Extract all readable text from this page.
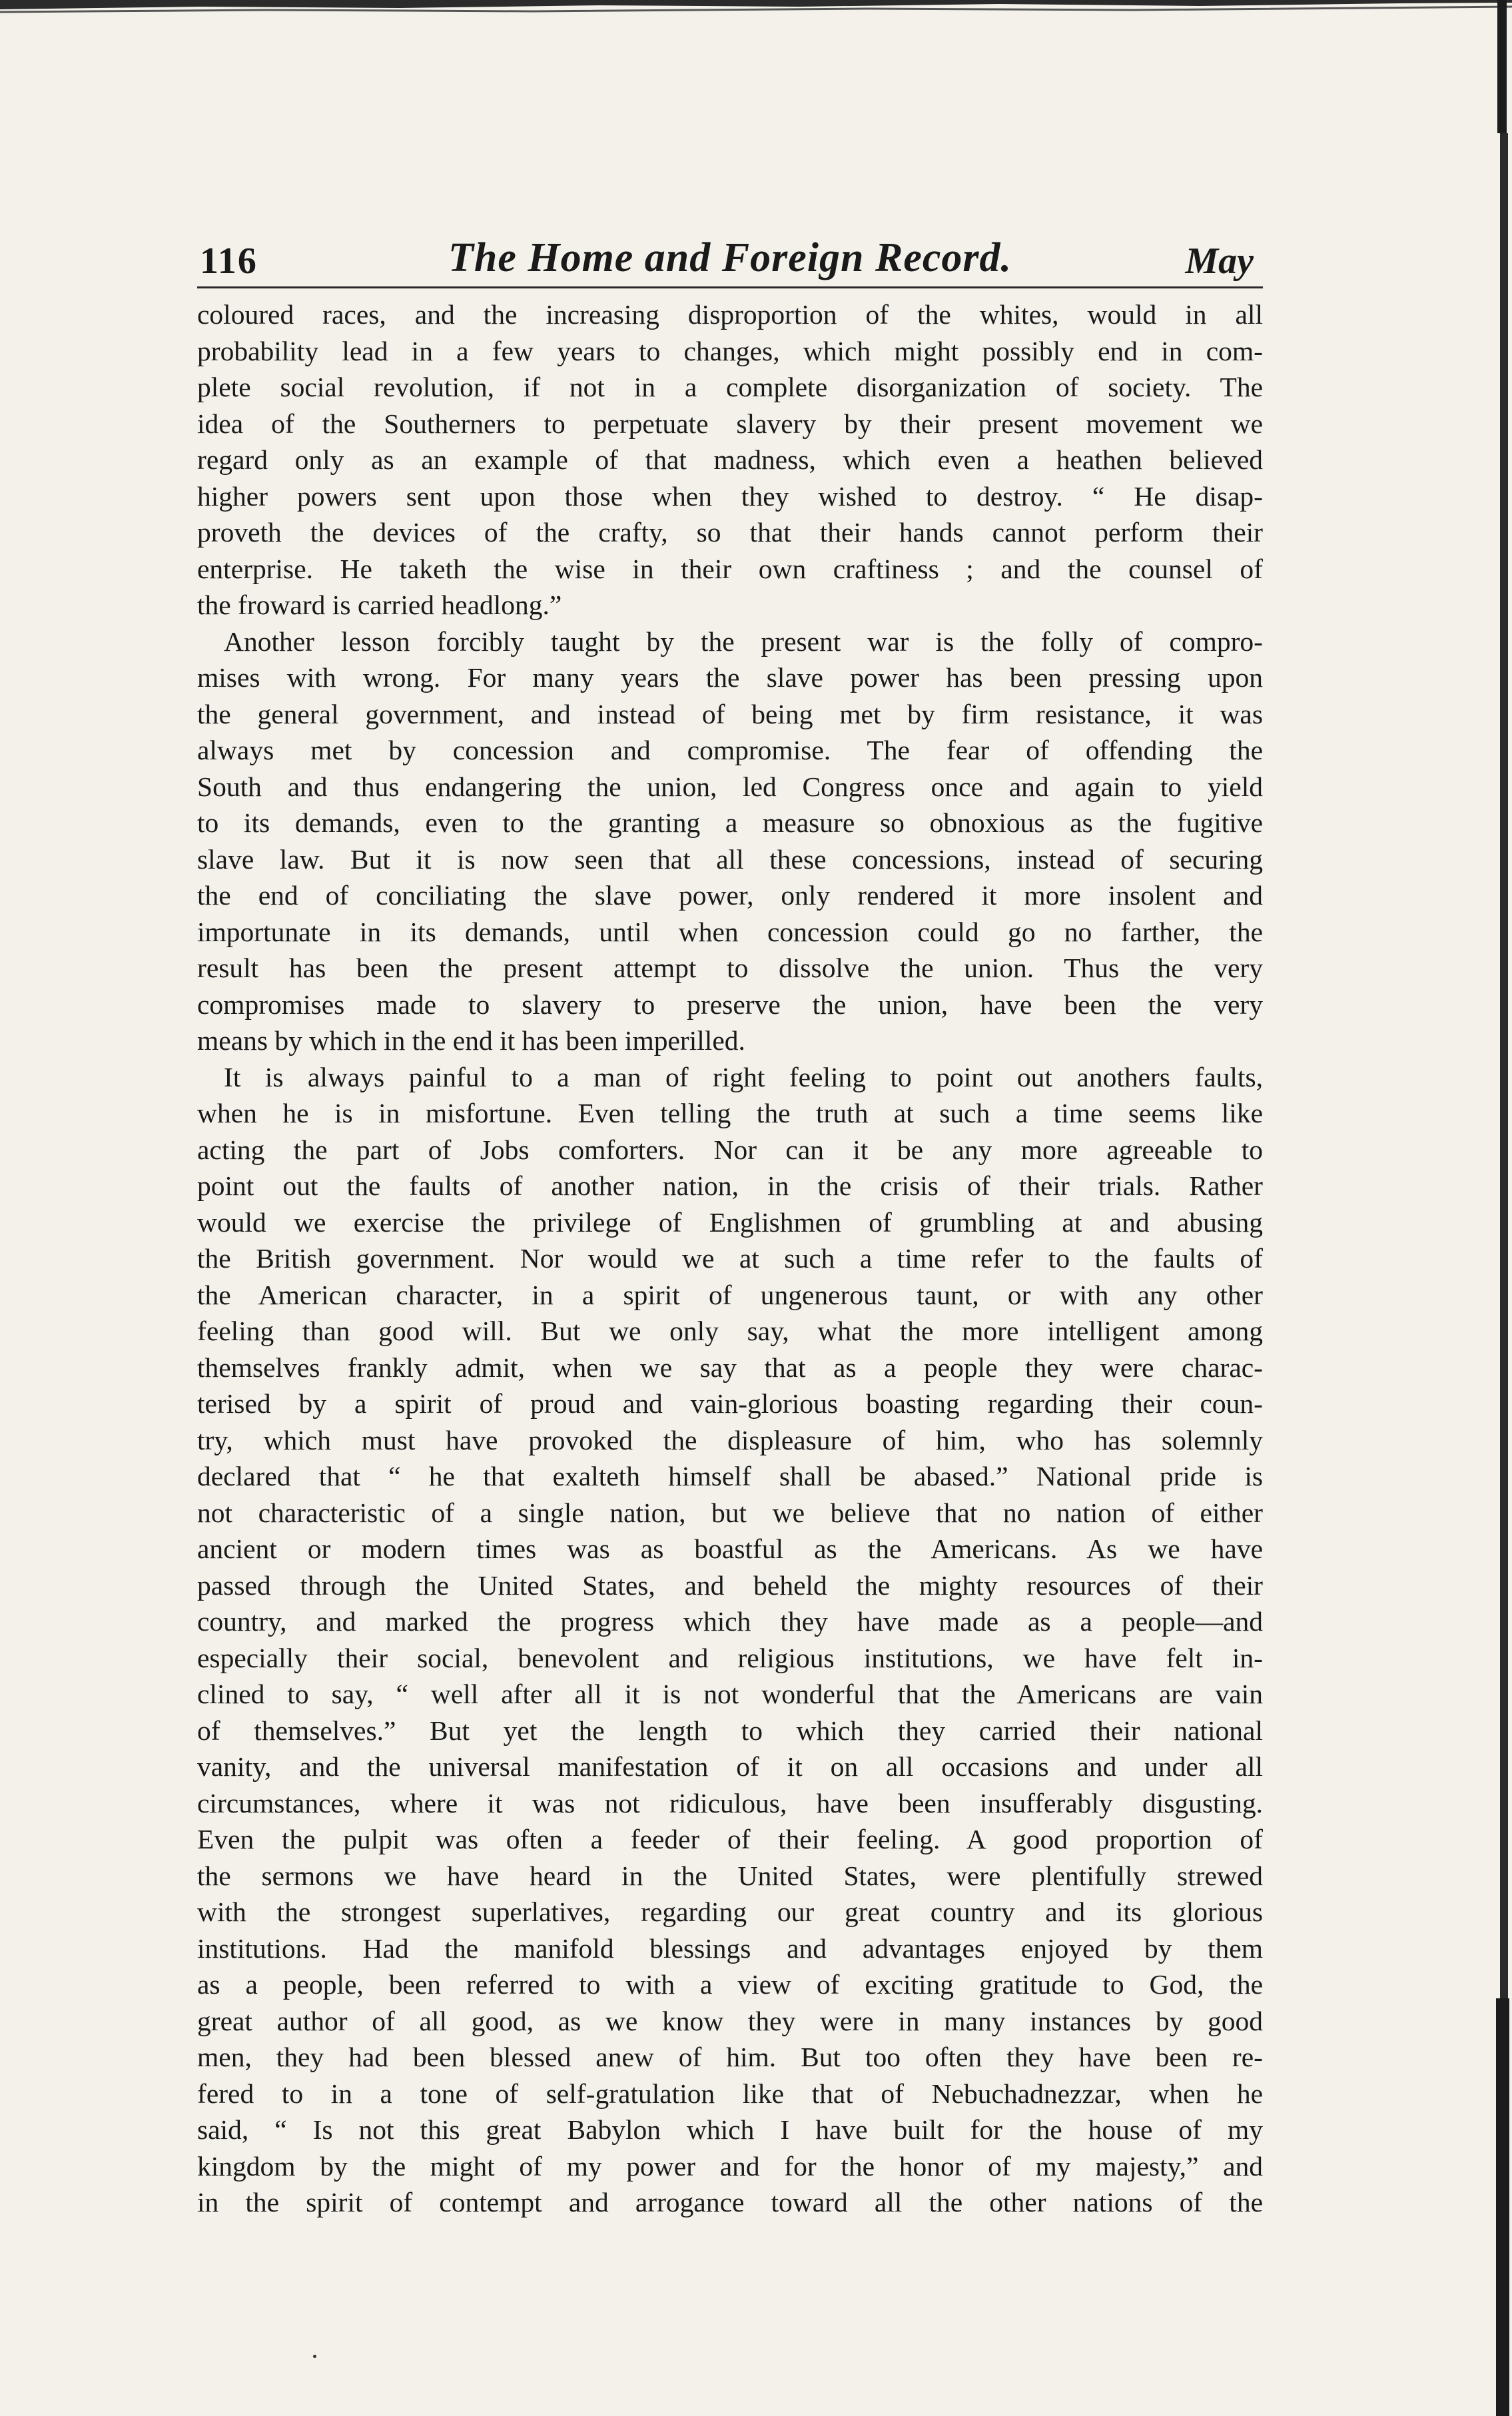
116	The Home and Foreign Record.	May

coloured races, and the increasing disproportion of the whites, would in all

probability lead in a few years to changes, which might possibly end in com-

plete social revolution, if not in a complete disorganization of society. The

idea of the Southerners to perpetuate slavery by their present movement we

regard only as an example of that madness, which even a heathen believed

higher powers sent upon those when they wished to destroy. “ He disap-

proveth the devices of the crafty, so that their hands cannot perform their

enterprise. He taketh the wise in their own craftiness ; and the counsel of

the froward is carried headlong.”

Another lesson forcibly taught by the present war is the folly of compro-

mises with wrong. For many years the slave power has been pressing upon

the general government, and instead of being met by firm resistance, it was

always met by concession and compromise. The fear of offending the

South and thus endangering the union, led Congress once and again to yield

to its demands, even to the granting a measure so obnoxious as the fugitive

slave law. But it is now seen that all these concessions, instead of securing

the end of conciliating the slave power, only rendered it more insolent and

importunate in its demands, until when concession could go no farther, the

result has been the present attempt to dissolve the union. Thus the very

compromises made to slavery to preserve the union, have been the very

means by which in the end it has been imperilled.

It is always painful to a man of right feeling to point out anothers faults,

when he is in misfortune. Even telling the truth at such a time seems like

acting the part of Jobs comforters. Nor can it be any more agreeable to

point out the faults of another nation, in the crisis of their trials. Rather

would we exercise the privilege of Englishmen of grumbling at and abusing

the British government. Nor would we at such a time refer to the faults of

the American character, in a spirit of ungenerous taunt, or with any other

feeling than good will. But we only say, what the more intelligent among

themselves frankly admit, when we say that as a people they were charac-

terised by a spirit of proud and vain-glorious boasting regarding their coun-

try, which must have provoked the displeasure of him, who has solemnly

declared that “ he that exalteth himself shall be abased.” National pride is

not characteristic of a single nation, but we believe that no nation of either

ancient or modern times was as boastful as the Americans. As we have

passed through the United States, and beheld the mighty resources of their

country, and marked the progress which they have made as a people—and

especially their social, benevolent and religious institutions, we have felt in-

clined to say, “ well after all it is not wonderful that the Americans are vain

of themselves.” But yet the length to which they carried their national

vanity, and the universal manifestation of it on all occasions and under all

circumstances, where it was not ridiculous, have been insufferably disgusting.

Even the pulpit was often a feeder of their feeling. A good proportion of

the sermons we have heard in the United States, were plentifully strewed

with the strongest superlatives, regarding our great country and its glorious

institutions. Had the manifold blessings and advantages enjoyed by them

as a people, been referred to with a view of exciting gratitude to God, the

great author of all good, as we know they were in many instances by good

men, they had been blessed anew of him. But too often they have been re-

fered to in a tone of self-gratulation like that of Nebuchadnezzar, when he

said, “ Is not this great Babylon which I have built for the house of my

kingdom by the might of my power and for the honor of my majesty,” and

in the spirit of contempt and arrogance toward all the other nations of the
